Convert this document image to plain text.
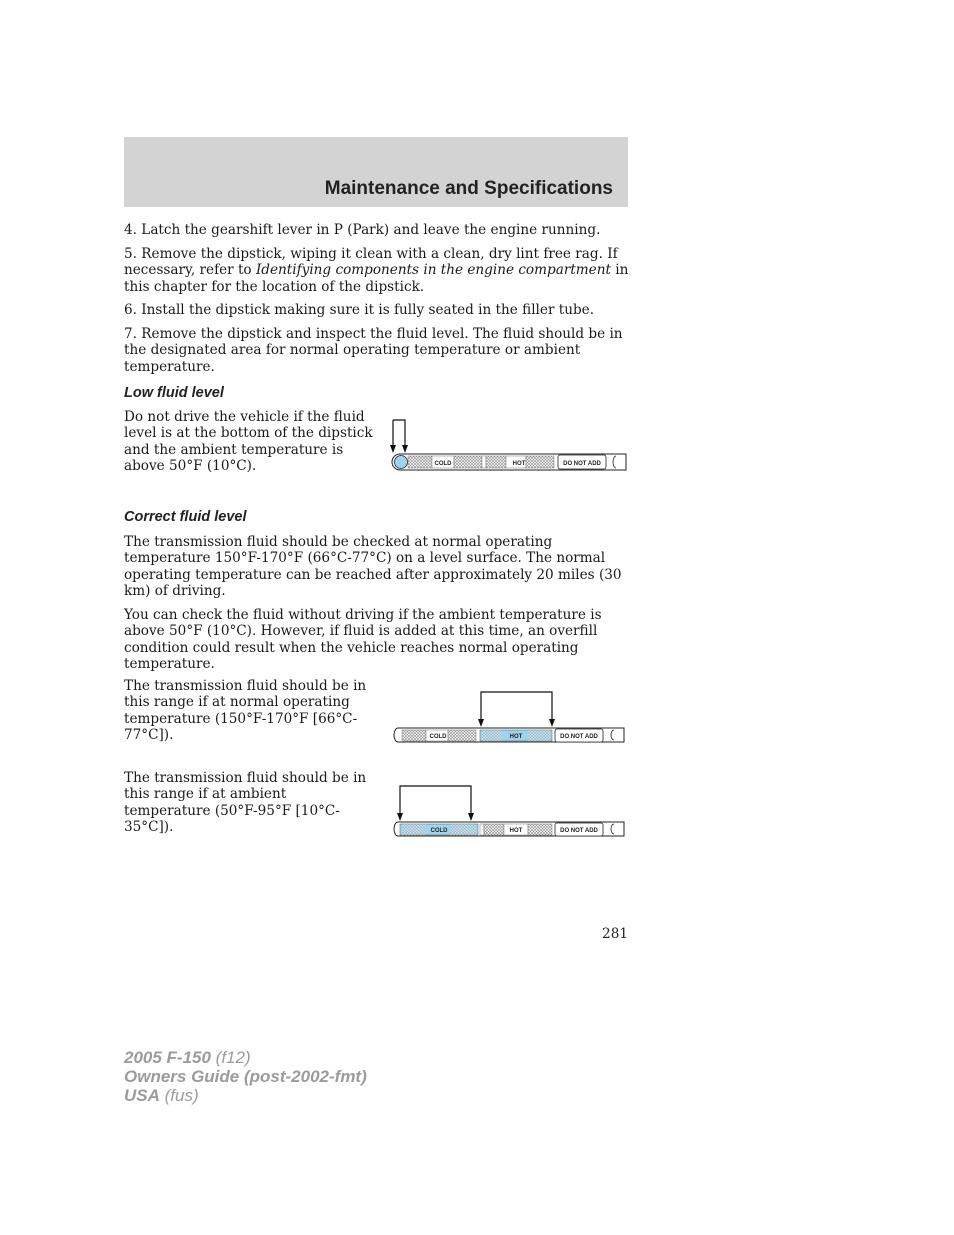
Maintenance and Specifications

4. Latch the gearshift lever in P (Park) and leave the engine running.

5. Remove the dipstick, wiping it clean with a clean, dry lint free rag. If necessary, refer to Identifying components in the engine compartment in this chapter for the location of the dipstick.

6. Install the dipstick making sure it is fully seated in the filler tube.

7. Remove the dipstick and inspect the fluid level. The fluid should be in the designated area for normal operating temperature or ambient temperature.

Low fluid level

Do not drive the vehicle if the fluid level is at the bottom of the dipstick and the ambient temperature is above 50°F (10°C).	COLD	HOT	DO NOT ADD
Correct fluid level

The transmission fluid should be checked at normal operating temperature 150°F-170°F (66°C-77°C) on a level surface. The normal operating temperature can be reached after approximately 20 miles (30 km) of driving.

You can check the fluid without driving if the ambient temperature is above 50°F (10°C). However, if fluid is added at this time, an overfill condition could result when the vehicle reaches normal operating temperature.

The transmission fluid should be in this range if at normal operating temperature (150°F-170°F [66°C-77°C]).	COLD	HOT	DO NOT ADD

The transmission fluid should be in this range if at ambient temperature (50°F-95°F [10°C-35°C]).	COLD	HOT	DO NOT ADD
281
2005 F-150 (f12)
Owners Guide (post-2002-fmt)
USA (fus)
